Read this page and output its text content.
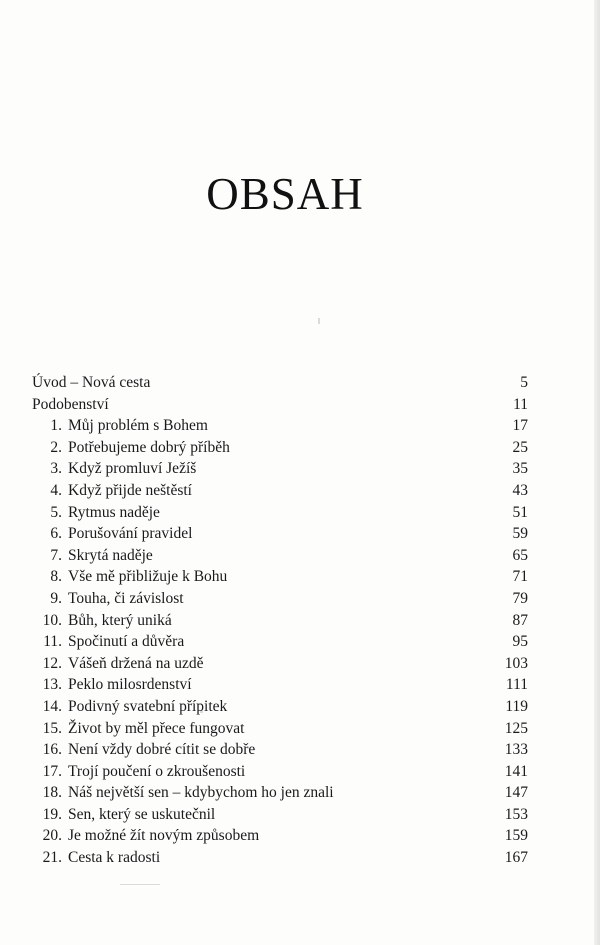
OBSAH
Úvod – Nová cesta	5
Podobenství	11
1. Můj problém s Bohem	17
2. Potřebujeme dobrý příběh	25
3. Když promluví Ježíš	35
4. Když přijde neštěstí	43
5. Rytmus naděje	51
6. Porušování pravidel	59
7. Skrytá naděje	65
8. Vše mě přibližuje k Bohu	71
9. Touha, či závislost	79
10. Bůh, který uniká	87
11. Spočinutí a důvěra	95
12. Vášeň držená na uzdě	103
13. Peklo milosrdenství	111
14. Podivný svatební přípitek	119
15. Život by měl přece fungovat	125
16. Není vždy dobré cítit se dobře	133
17. Trojí poučení o zkroušenosti	141
18. Náš největší sen – kdybychom ho jen znali	147
19. Sen, který se uskutečnil	153
20. Je možné žít novým způsobem	159
21. Cesta k radosti	167
